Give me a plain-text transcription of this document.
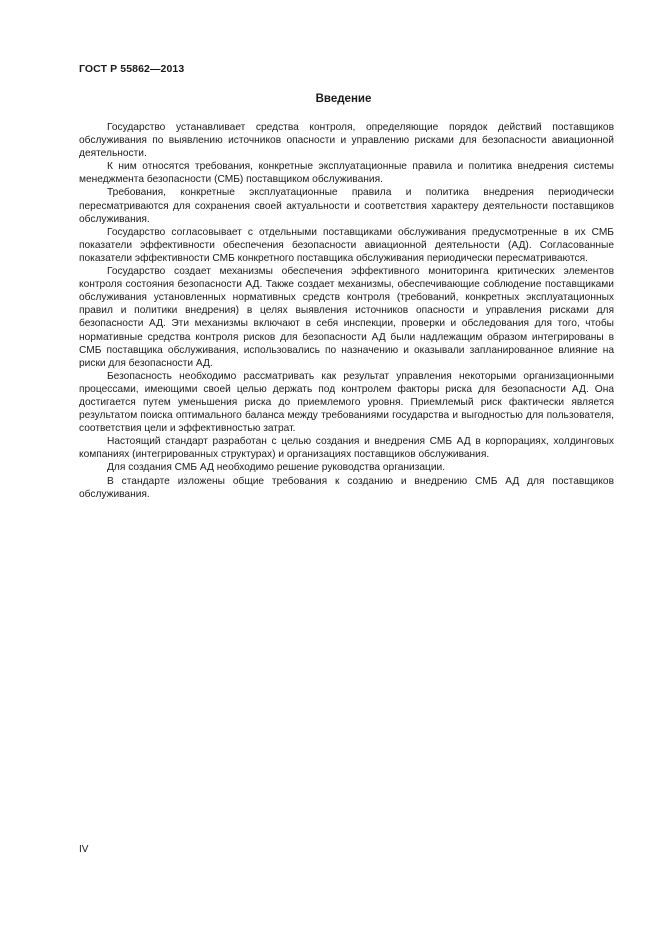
ГОСТ Р 55862—2013
Введение

Государство устанавливает средства контроля, определяющие порядок действий поставщиков обслуживания по выявлению источников опасности и управлению рисками для безопасности авиационной деятельности.

К ним относятся требования, конкретные эксплуатационные правила и политика внедрения системы менеджмента безопасности (СМБ) поставщиком обслуживания.

Требования, конкретные эксплуатационные правила и политика внедрения периодически пересматриваются для сохранения своей актуальности и соответствия характеру деятельности поставщиков обслуживания.

Государство согласовывает с отдельными поставщиками обслуживания предусмотренные в их СМБ показатели эффективности обеспечения безопасности авиационной деятельности (АД). Согласованные показатели эффективности СМБ конкретного поставщика обслуживания периодически пересматриваются.

Государство создает механизмы обеспечения эффективного мониторинга критических элементов контроля состояния безопасности АД. Также создает механизмы, обеспечивающие соблюдение поставщиками обслуживания установленных нормативных средств контроля (требований, конкретных эксплуатационных правил и политики внедрения) в целях выявления источников опасности и управления рисками для безопасности АД. Эти механизмы включают в себя инспекции, проверки и обследования для того, чтобы нормативные средства контроля рисков для безопасности АД были надлежащим образом интегрированы в СМБ поставщика обслуживания, использовались по назначению и оказывали запланированное влияние на риски для безопасности АД.

Безопасность необходимо рассматривать как результат управления некоторыми организационными процессами, имеющими своей целью держать под контролем факторы риска для безопасности АД. Она достигается путем уменьшения риска до приемлемого уровня. Приемлемый риск фактически является результатом поиска оптимального баланса между требованиями государства и выгодностью для пользователя, соответствия цели и эффективностью затрат.

Настоящий стандарт разработан с целью создания и внедрения СМБ АД в корпорациях, холдинговых компаниях (интегрированных структурах) и организациях поставщиков обслуживания.

Для создания СМБ АД необходимо решение руководства организации.

В стандарте изложены общие требования к созданию и внедрению СМБ АД для поставщиков обслуживания.

IV
